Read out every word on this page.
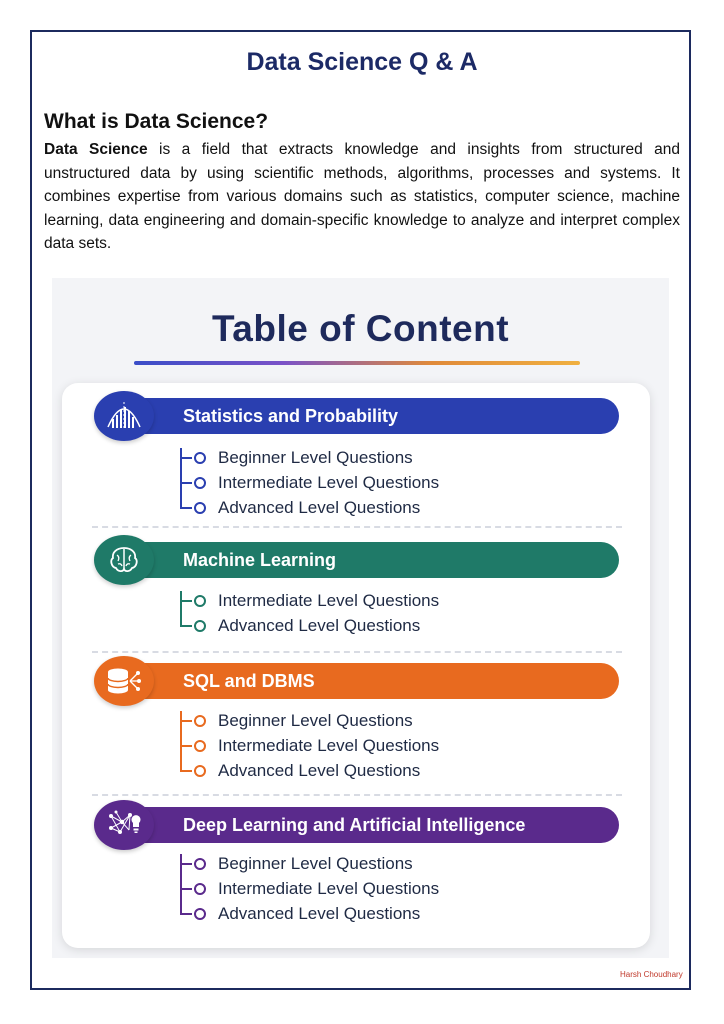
Data Science Q & A
What is Data Science?
Data Science is a field that extracts knowledge and insights from structured and unstructured data by using scientific methods, algorithms, processes and systems. It combines expertise from various domains such as statistics, computer science, machine learning, data engineering and domain-specific knowledge to analyze and interpret complex data sets.
Table of Content
Statistics and Probability
Beginner Level Questions
Intermediate Level Questions
Advanced Level Questions
Machine Learning
Intermediate Level Questions
Advanced Level Questions
SQL and DBMS
Beginner Level Questions
Intermediate Level Questions
Advanced Level Questions
Deep Learning and Artificial Intelligence
Beginner Level Questions
Intermediate Level Questions
Advanced Level Questions
Harsh Choudhary
